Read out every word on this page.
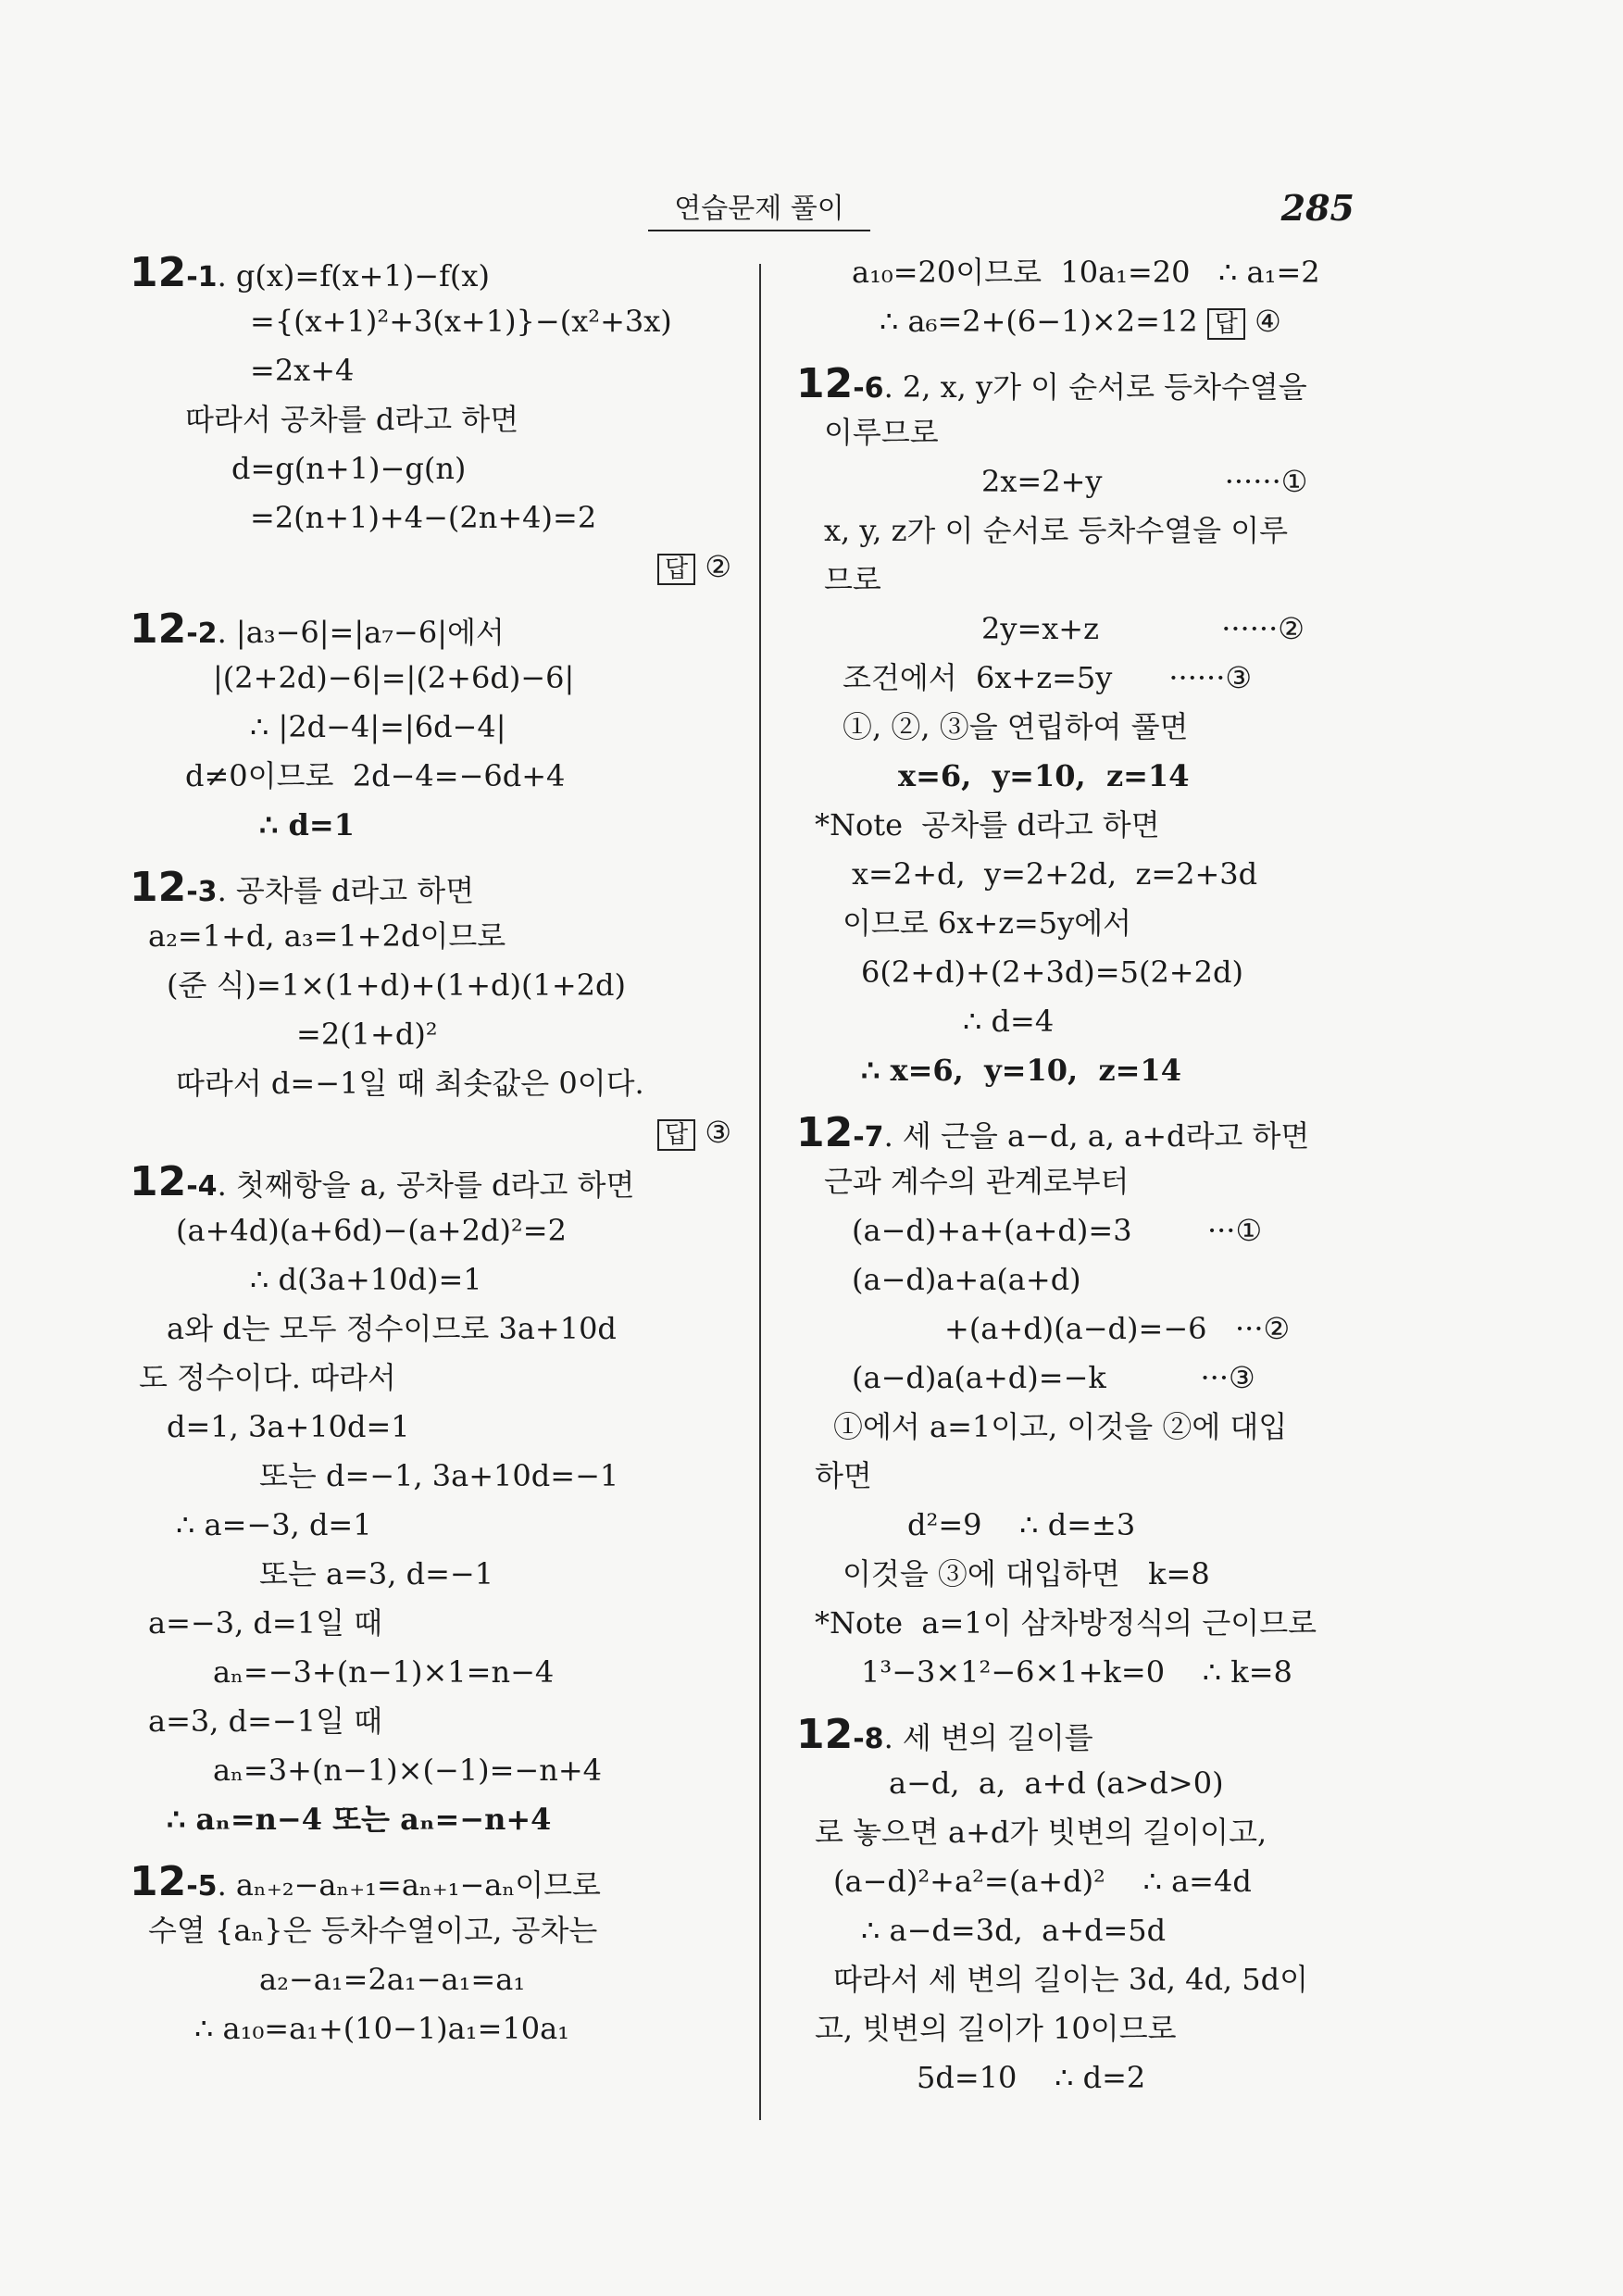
연습문제 풀이	285
12-1. g(x)=f(x+1)−f(x)
={(x+1)²+3(x+1)}−(x²+3x)
=2x+4
따라서 공차를 d라고 하면
d=g(n+1)−g(n)
=2(n+1)+4−(2n+4)=2
답 ②
12-2. |a₃−6|=|a₇−6|에서
|(2+2d)−6|=|(2+6d)−6|
∴ |2d−4|=|6d−4|
d≠0이므로  2d−4=−6d+4
∴ d=1
12-3. 공차를 d라고 하면
a₂=1+d, a₃=1+2d이므로
(준 식)=1×(1+d)+(1+d)(1+2d)
=2(1+d)²
따라서 d=−1일 때 최솟값은 0이다.
답 ③
12-4. 첫째항을 a, 공차를 d라고 하면
(a+4d)(a+6d)−(a+2d)²=2
∴ d(3a+10d)=1
a와 d는 모두 정수이므로 3a+10d
도 정수이다. 따라서
d=1, 3a+10d=1
또는 d=−1, 3a+10d=−1
∴ a=−3, d=1
또는 a=3, d=−1
a=−3, d=1일 때
aₙ=−3+(n−1)×1=n−4
a=3, d=−1일 때
aₙ=3+(n−1)×(−1)=−n+4
∴ aₙ=n−4 또는 aₙ=−n+4
12-5. aₙ₊₂−aₙ₊₁=aₙ₊₁−aₙ이므로
수열 {aₙ}은 등차수열이고, 공차는
a₂−a₁=2a₁−a₁=a₁
∴ a₁₀=a₁+(10−1)a₁=10a₁
a₁₀=20이므로  10a₁=20   ∴ a₁=2
∴ a₆=2+(6−1)×2=12 답 ④
12-6. 2, x, y가 이 순서로 등차수열을
이루므로
2x=2+y             ······①
x, y, z가 이 순서로 등차수열을 이루
므로
2y=x+z             ······②
조건에서  6x+z=5y      ······③
①, ②, ③을 연립하여 풀면
x=6,  y=10,  z=14
*Note  공차를 d라고 하면
x=2+d,  y=2+2d,  z=2+3d
이므로 6x+z=5y에서
6(2+d)+(2+3d)=5(2+2d)
∴ d=4
∴ x=6,  y=10,  z=14
12-7. 세 근을 a−d, a, a+d라고 하면
근과 계수의 관계로부터
(a−d)+a+(a+d)=3        ···①
(a−d)a+a(a+d)
+(a+d)(a−d)=−6   ···②
(a−d)a(a+d)=−k          ···③
①에서 a=1이고, 이것을 ②에 대입
하면
d²=9    ∴ d=±3
이것을 ③에 대입하면   k=8
*Note  a=1이 삼차방정식의 근이므로
1³−3×1²−6×1+k=0    ∴ k=8
12-8. 세 변의 길이를
a−d,  a,  a+d (a>d>0)
로 놓으면 a+d가 빗변의 길이이고,
(a−d)²+a²=(a+d)²    ∴ a=4d
∴ a−d=3d,  a+d=5d
따라서 세 변의 길이는 3d, 4d, 5d이
고, 빗변의 길이가 10이므로
5d=10    ∴ d=2
